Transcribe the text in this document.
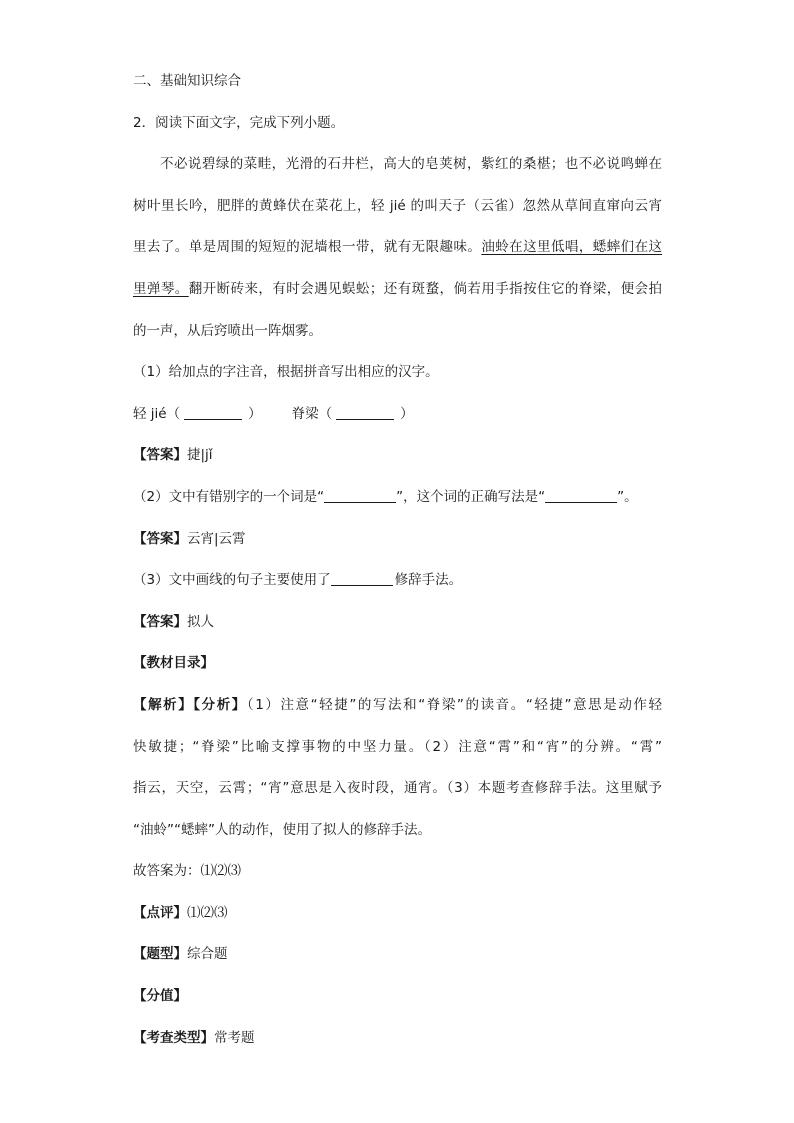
二、基础知识综合
2．阅读下面文字，完成下列小题。
不必说碧绿的菜畦，光滑的石井栏，高大的皂荚树，紫红的桑椹；也不必说鸣蝉在
树叶里长吟，肥胖的黄蜂伏在菜花上，轻 jié 的叫天子（云雀）忽然从草间直窜向云宵
里去了。单是周围的短短的泥墙根一带，就有无限趣味。油蛉在这里低唱，蟋蟀们在这
里弹琴。翻开断砖来，有时会遇见蜈蚣；还有斑蝥，倘若用手指按住它的脊梁，便会拍
的一声，从后窍喷出一阵烟雾。
（1）给加点的字注音，根据拼音写出相应的汉字。
轻 jié（	） 脊梁（	）
【答案】捷|jǐ
（2）文中有错别字的一个词是“	”，这个词的正确写法是“	”。
【答案】云宵|云霄
（3）文中画线的句子主要使用了	修辞手法。
【答案】拟人
【教材目录】
【解析】【分析】（1）注意“轻捷”的写法和“脊梁”的读音。“轻捷”意思是动作轻
快敏捷；“脊梁”比喻支撑事物的中坚力量。（2）注意“霄”和“宵”的分辨。“霄”
指云，天空，云霄；“宵”意思是入夜时段，通宵。（3）本题考查修辞手法。这里赋予
“油蛉”“蟋蟀”人的动作，使用了拟人的修辞手法。
故答案为：⑴⑵⑶
【点评】⑴⑵⑶
【题型】综合题
【分值】
【考查类型】常考题
